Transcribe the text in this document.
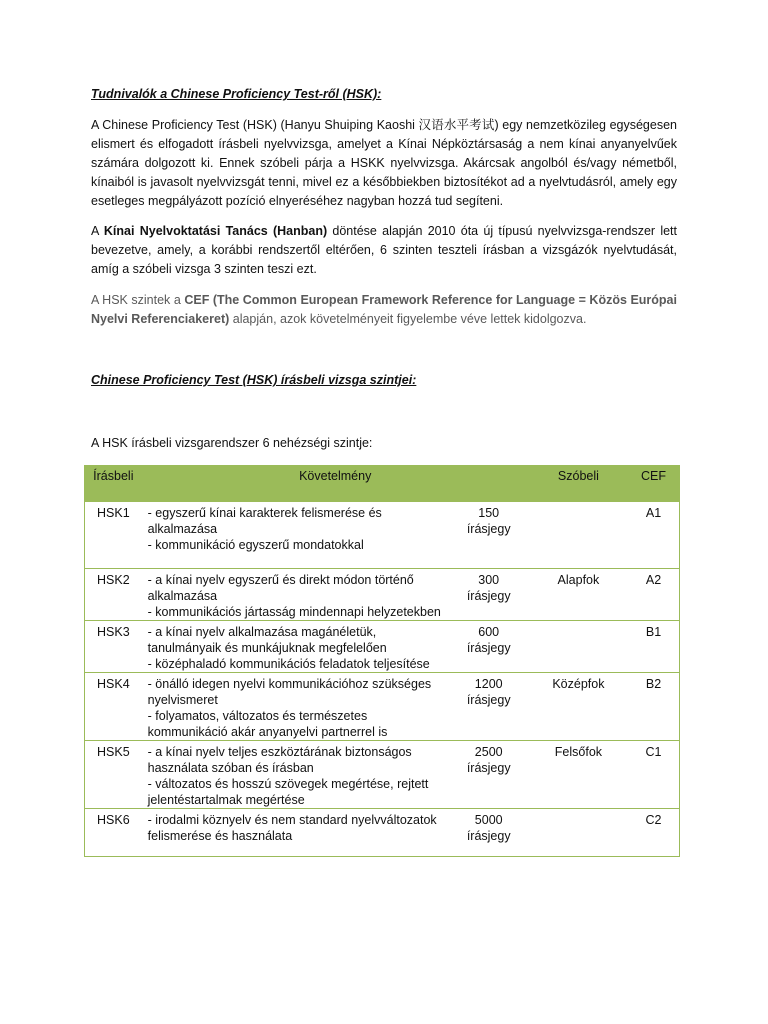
Tudnivalók a Chinese Proficiency Test-ről (HSK):
A Chinese Proficiency Test (HSK) (Hanyu Shuiping Kaoshi 汉语水平考试) egy nemzetközileg egységesen elismert és elfogadott írásbeli nyelvvizsga, amelyet a Kínai Népköztársaság a nem kínai anyanyelvűek számára dolgozott ki. Ennek szóbeli párja a HSKK nyelvvizsga. Akárcsak angolból és/vagy németből, kínaiból is javasolt nyelvvizsgát tenni, mivel ez a későbbiekben biztosítékot ad a nyelvtudásról, amely egy esetleges megpályázott pozíció elnyeréséhez nagyban hozzá tud segíteni.
A Kínai Nyelvoktatási Tanács (Hanban) döntése alapján 2010 óta új típusú nyelvvizsga-rendszer lett bevezetve, amely, a korábbi rendszertől eltérően, 6 szinten teszteli írásban a vizsgázók nyelvtudását, amíg a szóbeli vizsga 3 szinten teszi ezt.
A HSK szintek a CEF (The Common European Framework Reference for Language = Közös Európai Nyelvi Referenciakeret) alapján, azok követelményeit figyelembe véve lettek kidolgozva.
Chinese Proficiency Test (HSK) írásbeli vizsga szintjei:
A HSK írásbeli vizsgarendszer 6 nehézségi szintje:
Írásbeli	Követelmény		Szóbeli	CEF
HSK1	- egyszerű kínai karakterek felismerése és alkalmazása
- kommunikáció egyszerű mondatokkal	150
írásjegy		A1
HSK2	- a kínai nyelv egyszerű és direkt módon történő alkalmazása
- kommunikációs jártasság mindennapi helyzetekben	300
írásjegy	Alapfok	A2
HSK3	- a kínai nyelv alkalmazása magánéletük, tanulmányaik és munkájuknak megfelelően
- középhaladó kommunikációs feladatok teljesítése	600
írásjegy		B1
HSK4	- önálló idegen nyelvi kommunikációhoz szükséges nyelvismeret
- folyamatos, változatos és természetes kommunikáció akár anyanyelvi partnerrel is	1200
írásjegy	Középfok	B2
HSK5	- a kínai nyelv teljes eszköztárának biztonságos használata szóban és írásban
- változatos és hosszú szövegek megértése, rejtett jelentéstartalmak megértése	2500
írásjegy	Felsőfok	C1
HSK6	- irodalmi köznyelv és nem standard nyelvváltozatok felismerése és használata	5000
írásjegy		C2
